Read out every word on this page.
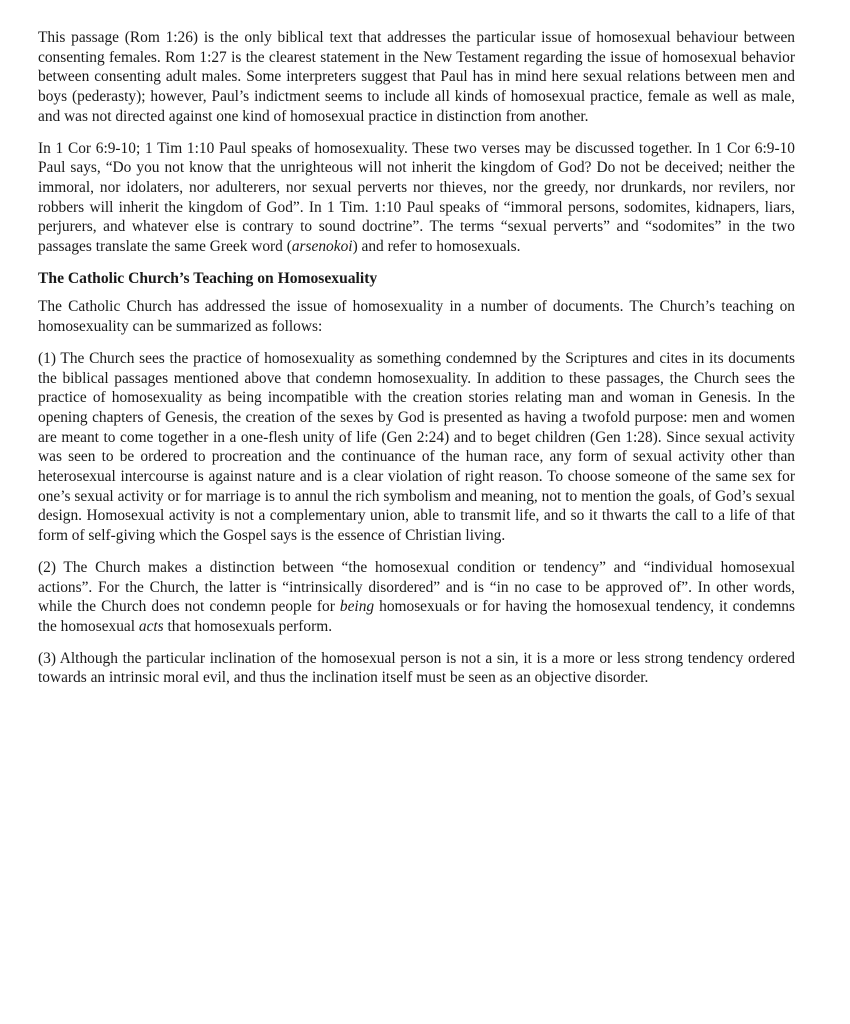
This passage (Rom 1:26) is the only biblical text that addresses the particular issue of homosexual behaviour between consenting females. Rom 1:27 is the clearest statement in the New Testament regarding the issue of homosexual behavior between consenting adult males. Some interpreters suggest that Paul has in mind here sexual relations between men and boys (pederasty); however, Paul’s indictment seems to include all kinds of homosexual practice, female as well as male, and was not directed against one kind of homosexual practice in distinction from another.

In 1 Cor 6:9-10; 1 Tim 1:10 Paul speaks of homosexuality. These two verses may be discussed together. In 1 Cor 6:9-10 Paul says, “Do you not know that the unrighteous will not inherit the kingdom of God? Do not be deceived; neither the immoral, nor idolaters, nor adulterers, nor sexual perverts nor thieves, nor the greedy, nor drunkards, nor revilers, nor robbers will inherit the kingdom of God”. In 1 Tim. 1:10 Paul speaks of “immoral persons, sodomites, kidnapers, liars, perjurers, and whatever else is contrary to sound doctrine”. The terms “sexual perverts” and “sodomites” in the two passages translate the same Greek word (arsenokoi) and refer to homosexuals.

The Catholic Church’s Teaching on Homosexuality

The Catholic Church has addressed the issue of homosexuality in a number of documents. The Church’s teaching on homosexuality can be summarized as follows:

(1) The Church sees the practice of homosexuality as something condemned by the Scriptures and cites in its documents the biblical passages mentioned above that condemn homosexuality. In addition to these passages, the Church sees the practice of homosexuality as being incompatible with the creation stories relating man and woman in Genesis. In the opening chapters of Genesis, the creation of the sexes by God is presented as having a twofold purpose: men and women are meant to come together in a one-flesh unity of life (Gen 2:24) and to beget children (Gen 1:28). Since sexual activity was seen to be ordered to procreation and the continuance of the human race, any form of sexual activity other than heterosexual intercourse is against nature and is a clear violation of right reason. To choose someone of the same sex for one’s sexual activity or for marriage is to annul the rich symbolism and meaning, not to mention the goals, of God’s sexual design. Homosexual activity is not a complementary union, able to transmit life, and so it thwarts the call to a life of that form of self-giving which the Gospel says is the essence of Christian living.

(2) The Church makes a distinction between “the homosexual condition or tendency” and “individual homosexual actions”. For the Church, the latter is “intrinsically disordered” and is “in no case to be approved of”. In other words, while the Church does not condemn people for being homosexuals or for having the homosexual tendency, it condemns the homosexual acts that homosexuals perform.

(3) Although the particular inclination of the homosexual person is not a sin, it is a more or less strong tendency ordered towards an intrinsic moral evil, and thus the inclination itself must be seen as an objective disorder.
